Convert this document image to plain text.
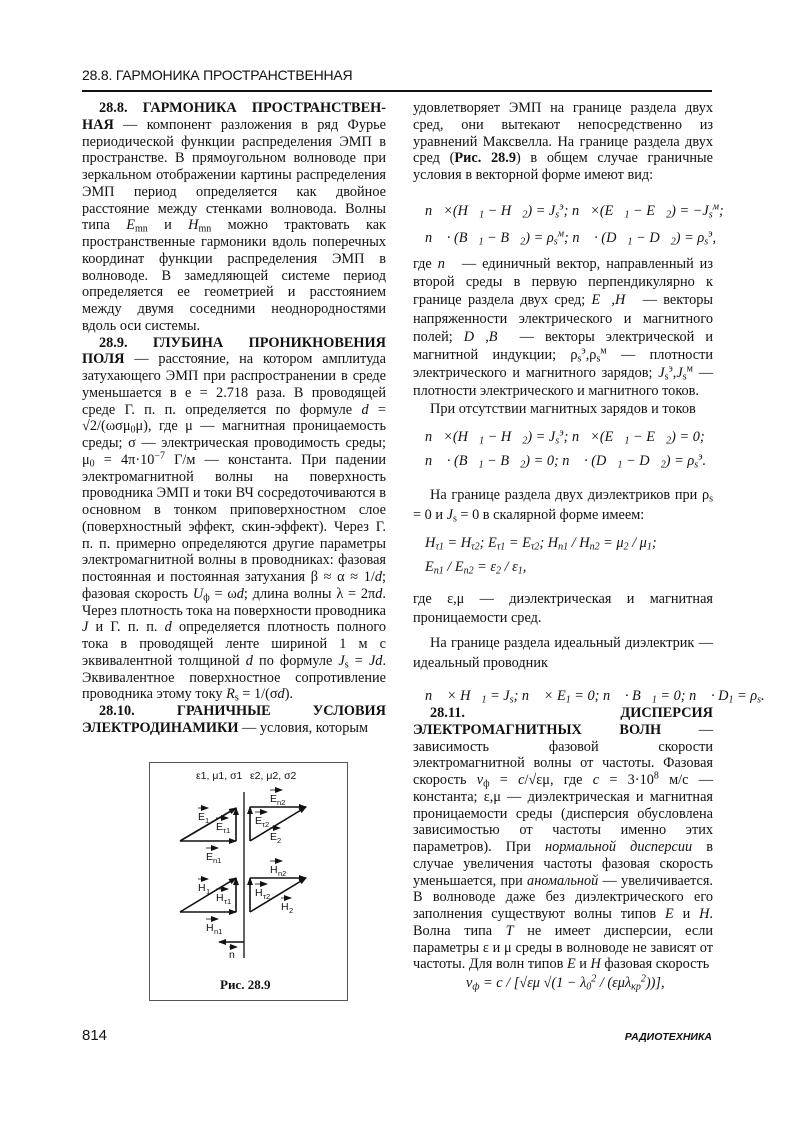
28.8. ГАРМОНИКА ПРОСТРАНСТВЕННАЯ

28.8. ГАРМОНИКА ПРОСТРАНСТВЕННАЯ — компонент разложения в ряд Фурье периодической функции распределения ЭМП в пространстве. В прямоугольном волноводе при зеркальном отображении картины распределения ЭМП период определяется как двойное расстояние между стенками волновода. Волны типа $E_{mn}$ и $H_{mn}$ можно трактовать как пространственные гармоники вдоль поперечных координат функции распределения ЭМП в волноводе. В замедляющей системе период определяется ее геометрией и расстоянием между двумя соседними неоднородностями вдоль оси системы.

28.9. ГЛУБИНА ПРОНИКНОВЕНИЯ ПОЛЯ — расстояние, на котором амплитуда затухающего ЭМП при распространении в среде уменьшается в e = 2.718 раза. В проводящей среде Г. п. п. определяется по формуле d = √2/(ωσμ$_0$μ), где μ — магнитная проницаемость среды; σ — электрическая проводимость среды; $\mu_0 = 4\pi\cdot 10^{-7}$ Г/м — константа. При падении электромагнитной волны на поверхность проводника ЭМП и токи ВЧ сосредоточиваются в основном в тонком приповерхностном слое (поверхностный эффект, скин-эффект). Через Г. п. п. примерно определяются другие параметры электромагнитной волны в проводниках: фазовая постоянная и постоянная затухания β ≈ α ≈ 1/d; фазовая скорость $U_ф = \omega d$; длина волны λ = 2πd. Через плотность тока на поверхности проводника J и Г. п. п. d определяется плотность полного тока в проводящей ленте шириной 1 м с эквивалентной толщиной d по формуле $J_s = Jd$. Эквивалентное поверхностное сопротивление проводника этому току $R_s = 1/(\sigma d)$.

28.10. ГРАНИЧНЫЕ УСЛОВИЯ ЭЛЕКТРОДИНАМИКИ — условия, которым

удовлетворяет ЭМП на границе раздела двух сред, они вытекают непосредственно из уравнений Максвелла. На границе раздела двух сред (Рис. 28.9) в общем случае граничные условия в векторной форме имеют вид:
$n⃗\times(H⃗_1$ − $H⃗_2) = J_s^э$; $n⃗\times(E⃗_1$ − $E⃗_2) = -J_s^м$;
n⃗ · ($B⃗_1$ − $B⃗_2) = \rho_s^м$; n⃗ · ($D⃗_1$ − $D⃗_2) = \rho_s^э$,
где n⃗ — единичный вектор, направленный из второй среды в первую перпендикулярно к границе раздела двух сред; E⃗,H⃗ — векторы напряженности электрического и магнитного полей; D⃗,B⃗ — векторы электрической и магнитной индукции; $\rho_s^э,\rho_s^м$ — плотности электрического и магнитного зарядов; $J_s^э,J_s^м$ — плотности электрического и магнитного токов.
При отсутствии магнитных зарядов и токов
$n⃗\times(H⃗_1$ − $H⃗_2) = J_s^э$; $n⃗\times(E⃗_1$ − $E⃗_2) = 0$;
n⃗ · ($B⃗_1$ − $B⃗_2) = 0$; n⃗ · ($D⃗_1$ − $D⃗_2) = \rho_s^э$.
На границе раздела двух диэлектриков при $\rho_s = 0$ и $J_s = 0$ в скалярной форме имеем:
$H_{\tau 1} = H_{\tau 2}$; $E_{\tau 1} = E_{\tau 2}$; $H_{n1} / H_{n2} = \mu_2 / \mu_1$;
$E_{n1} / E_{n2} = \varepsilon_2 / \varepsilon_1$,
где ε,μ — диэлектрическая и магнитная проницаемости сред.
На границе раздела идеальный диэлектрик — идеальный проводник
n⃗ × $H⃗_1 = J_s$; n⃗ × $E_1 = 0$; n⃗ · $B⃗_1 = 0$; n⃗ · $D_1 = \rho_s$.
28.11. ДИСПЕРСИЯ ЭЛЕКТРОМАГНИТНЫХ ВОЛН — зависимость фазовой скорости электромагнитной волны от частоты. Фазовая скорость $v_ф = c/√\varepsilon\mu$, где $c = 3\cdot 10^8$ м/с — константа; ε,μ — диэлектрическая и магнитная проницаемости среды (дисперсия обусловлена зависимостью от частоты именно этих параметров). При нормальной дисперсии в случае увеличения частоты фазовая скорость уменьшается, при аномальной — увеличивается. В волноводе даже без диэлектрического его заполнения существуют волны типов E и H. Волна типа T не имеет дисперсии, если параметры ε и μ среды в волноводе не зависят от частоты. Для волн типов E и H фазовая скорость
$v_ф = c / [√\varepsilon\mu$ $√(1 - \lambda_0^2 / (\varepsilon\mu\lambda_{кр}^2))$],
ε1, μ1, σ1 ε2, μ2, σ2
E 1
E τ1
E n1
E n2
E τ2
E 2
H 1
H τ1
H n1
H n2
H τ2
H 2
n
Рис. 28.9
814	РАДИОТЕХНИКА
